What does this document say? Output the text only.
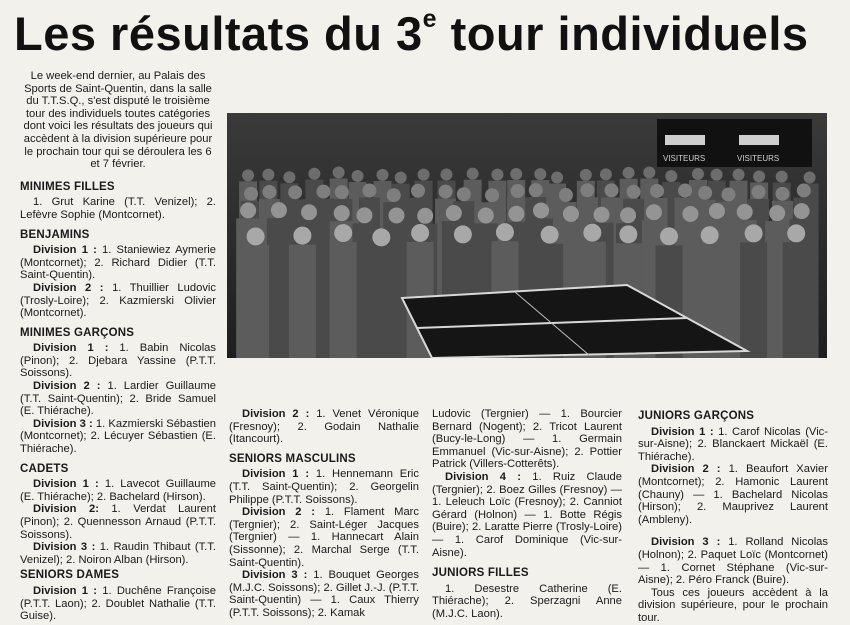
Les résultats du 3e tour individuels

Le week-end dernier, au Palais des Sports de Saint-Quentin, dans la salle du T.T.S.Q., s'est disputé le troisième tour des individuels toutes catégories dont voici les résultats des joueurs qui accèdent à la division supérieure pour le prochain tour qui se déroulera les 6 et 7 février.

MINIMES FILLES

1. Grut Karine (T.T. Venizel); 2. Lefèvre Sophie (Montcornet).

BENJAMINS

Division 1 : 1. Staniewiez Aymerie (Montcornet); 2. Richard Didier (T.T. Saint-Quentin).

Division 2 : 1. Thuillier Ludovic (Trosly-Loire); 2. Kazmierski Olivier (Montcornet).

MINIMES GARÇONS

Division 1 : 1. Babin Nicolas (Pinon); 2. Djebara Yassine (P.T.T. Soissons).

Division 2 : 1. Lardier Guillaume (T.T. Saint-Quentin); 2. Bride Samuel (E. Thiérache).

Division 3 : 1. Kazmierski Sébastien (Montcornet); 2. Lécuyer Sébastien (E. Thiérache).

CADETS

Division 1 : 1. Lavecot Guillaume (E. Thiérache); 2. Bachelard (Hirson).

Division 2: 1. Verdat Laurent (Pinon); 2. Quennesson Arnaud (P.T.T. Soissons).

Division 3 : 1. Raudin Thibaut (T.T. Venizel); 2. Noiron Alban (Hirson).

SENIORS DAMES

Division 1 : 1. Duchêne Françoise (P.T.T. Laon); 2. Doublet Nathalie (T.T. Guise).

VISITEURS	VISITEURS

Division 2 : 1. Venet Véronique (Fresnoy); 2. Godain Nathalie (Itancourt).

SENIORS MASCULINS

Division 1 : 1. Hennemann Eric (T.T. Saint-Quentin); 2. Georgelin Philippe (P.T.T. Soissons).

Division 2 : 1. Flament Marc (Tergnier); 2. Saint-Léger Jacques (Tergnier) — 1. Hannecart Alain (Sissonne); 2. Marchal Serge (T.T. Saint-Quentin).

Division 3 : 1. Bouquet Georges (M.J.C. Soissons); 2. Gillet J.-J. (P.T.T. Saint-Quentin) — 1. Caux Thierry (P.T.T. Soissons); 2. Kamak

Ludovic (Tergnier) — 1. Bourcier Bernard (Nogent); 2. Tricot Laurent (Bucy-le-Long) — 1. Germain Emmanuel (Vic-sur-Aisne); 2. Pottier Patrick (Villers-Cotterêts).

Division 4 : 1. Ruiz Claude (Tergnier); 2. Boez Gilles (Fresnoy) — 1. Leleuch Loïc (Fresnoy); 2. Canniot Gérard (Holnon) — 1. Botte Régis (Buire); 2. Laratte Pierre (Trosly-Loire) — 1. Carof Dominique (Vic-sur-Aisne).

JUNIORS FILLES

1. Desestre Catherine (E. Thiérache); 2. Sperzagni Anne (M.J.C. Laon).

JUNIORS GARÇONS

Division 1 : 1. Carof Nicolas (Vic-sur-Aisne); 2. Blanckaert Mickaël (E. Thiérache).

Division 2 : 1. Beaufort Xavier (Montcornet); 2. Hamonic Laurent (Chauny) — 1. Bachelard Nicolas (Hirson); 2. Mauprivez Laurent (Ambleny).

Division 3 : 1. Rolland Nicolas (Holnon); 2. Paquet Loïc (Montcornet) — 1. Cornet Stéphane (Vic-sur-Aisne); 2. Péro Franck (Buire).

Tous ces joueurs accèdent à la division supérieure, pour le prochain tour.
